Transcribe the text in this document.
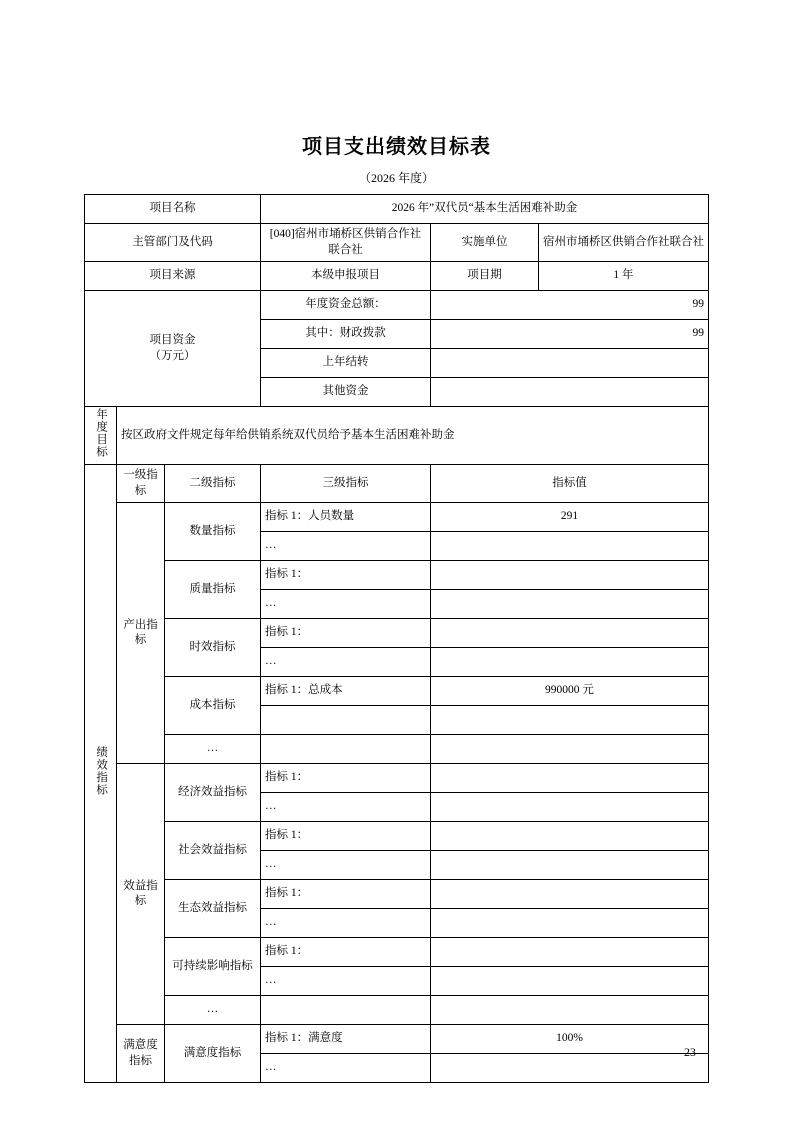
项目支出绩效目标表
（2026 年度）
项目名称			2026 年”双代员“基本生活困难补助金		
主管部门及代码			[040]宿州市埇桥区供销合作社联合社	实施单位	宿州市埇桥区供销合作社联合社
项目来源			本级申报项目	项目期	1 年

项目资金
（万元）			年度资金总额：	99	
			其中：财政拨款	99	
			上年结转		
			其他资金		
年度目标	按区政府文件规定每年给供销系统双代员给予基本生活困难补助金				
绩效指标	一级指标	二级指标	三级指标	指标值	
	产出指标	数量指标	指标 1：人员数量	291	
			…		
		质量指标	指标 1：		
			…		
		时效指标	指标 1：		
			…		
		成本指标	指标 1：总成本	990000 元	

		…			
	效益指标	经济效益指标	指标 1：		
			…		
		社会效益指标	指标 1：		
			…		
		生态效益指标	指标 1：		
			…		
		可持续影响指标	指标 1：		
			…		
		…			
	满意度指标	满意度指标	指标 1：满意度	100%	
			…		
– 23 –
